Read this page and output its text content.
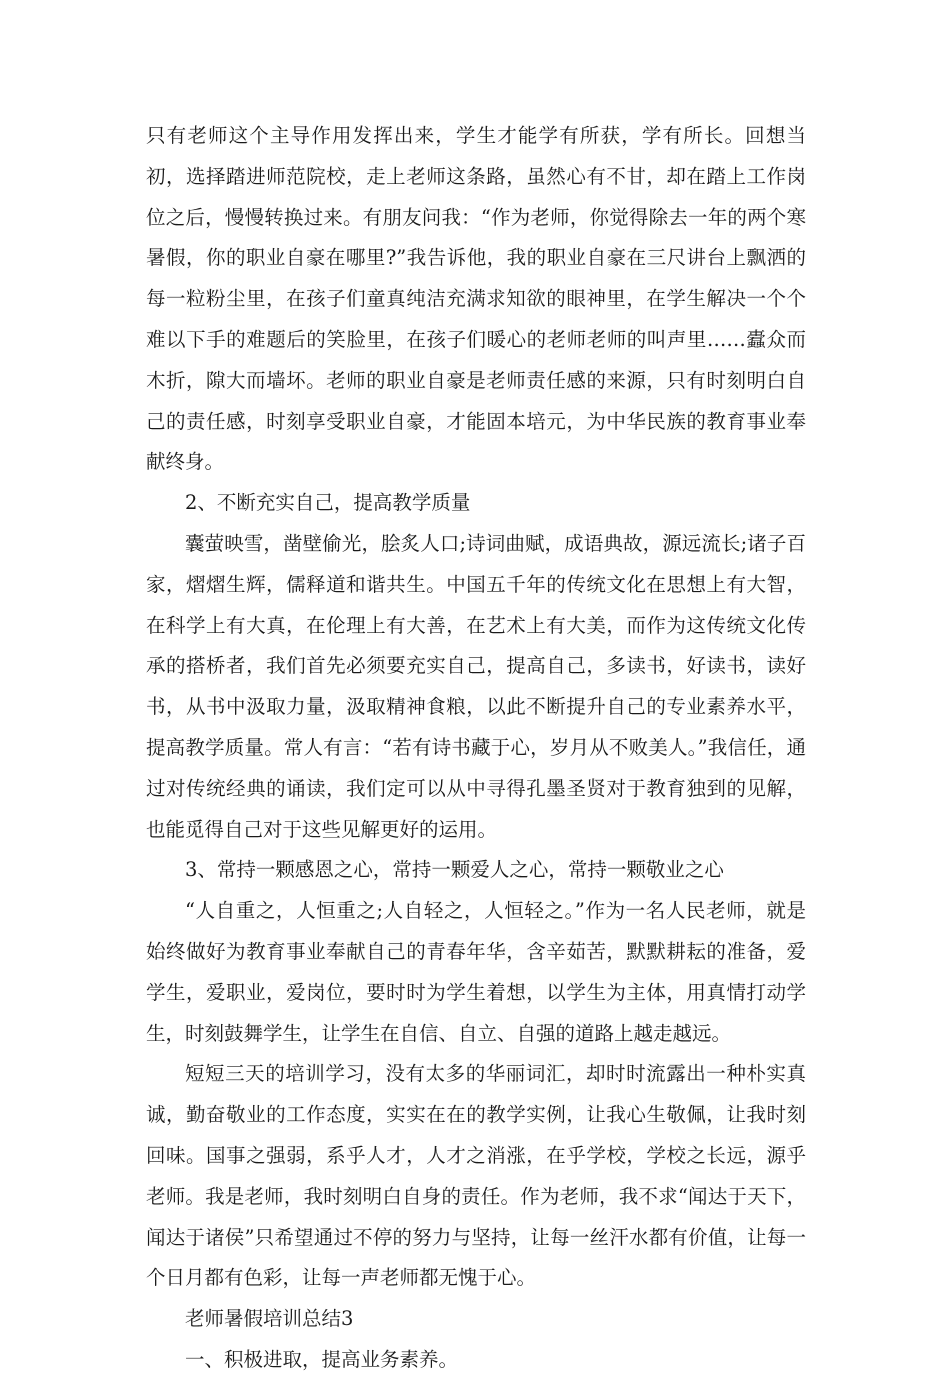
只有老师这个主导作用发挥出来，学生才能学有所获，学有所长。回想当初，选择踏进师范院校，走上老师这条路，虽然心有不甘，却在踏上工作岗位之后，慢慢转换过来。有朋友问我：“作为老师，你觉得除去一年的两个寒暑假，你的职业自豪在哪里?”我告诉他，我的职业自豪在三尺讲台上飘洒的每一粒粉尘里，在孩子们童真纯洁充满求知欲的眼神里，在学生解决一个个难以下手的难题后的笑脸里，在孩子们暖心的老师老师的叫声里……蠹众而木折，隙大而墙坏。老师的职业自豪是老师责任感的来源，只有时刻明白自己的责任感，时刻享受职业自豪，才能固本培元，为中华民族的教育事业奉献终身。

2、不断充实自己，提高教学质量

囊萤映雪，凿壁偷光，脍炙人口;诗词曲赋，成语典故，源远流长;诸子百家，熠熠生辉，儒释道和谐共生。中国五千年的传统文化在思想上有大智，在科学上有大真，在伦理上有大善，在艺术上有大美，而作为这传统文化传承的搭桥者，我们首先必须要充实自己，提高自己，多读书，好读书，读好书，从书中汲取力量，汲取精神食粮，以此不断提升自己的专业素养水平，提高教学质量。常人有言：“若有诗书藏于心，岁月从不败美人。”我信任，通过对传统经典的诵读，我们定可以从中寻得孔墨圣贤对于教育独到的见解，也能觅得自己对于这些见解更好的运用。

3、常持一颗感恩之心，常持一颗爱人之心，常持一颗敬业之心

“人自重之，人恒重之;人自轻之，人恒轻之。”作为一名人民老师，就是始终做好为教育事业奉献自己的青春年华，含辛茹苦，默默耕耘的准备，爱学生，爱职业，爱岗位，要时时为学生着想，以学生为主体，用真情打动学生，时刻鼓舞学生，让学生在自信、自立、自强的道路上越走越远。

短短三天的培训学习，没有太多的华丽词汇，却时时流露出一种朴实真诚，勤奋敬业的工作态度，实实在在的教学实例，让我心生敬佩，让我时刻回味。国事之强弱，系乎人才，人才之消涨，在乎学校，学校之长远，源乎老师。我是老师，我时刻明白自身的责任。作为老师，我不求“闻达于天下，闻达于诸侯”只希望通过不停的努力与坚持，让每一丝汗水都有价值，让每一个日月都有色彩，让每一声老师都无愧于心。

老师暑假培训总结3

一、积极进取，提高业务素养。
